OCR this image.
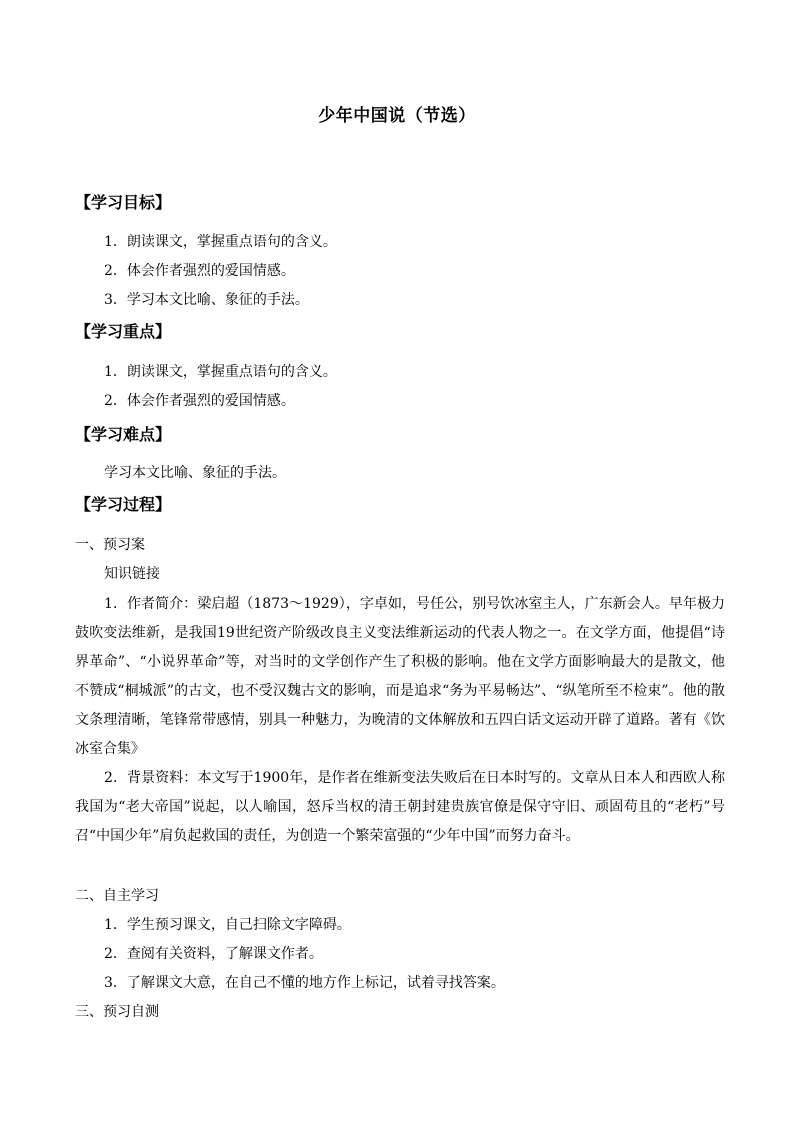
少年中国说（节选）
【学习目标】
1．朗读课文，掌握重点语句的含义。
2．体会作者强烈的爱国情感。
3．学习本文比喻、象征的手法。
【学习重点】
1．朗读课文，掌握重点语句的含义。
2．体会作者强烈的爱国情感。
【学习难点】
学习本文比喻、象征的手法。
【学习过程】
一、预习案
知识链接
1．作者简介：梁启超（1873～1929），字卓如，号任公，别号饮冰室主人，广东新会人。早年极力鼓吹变法维新，是我国19世纪资产阶级改良主义变法维新运动的代表人物之一。在文学方面，他提倡“诗界革命”、“小说界革命”等，对当时的文学创作产生了积极的影响。他在文学方面影响最大的是散文，他不赞成“桐城派”的古文，也不受汉魏古文的影响，而是追求“务为平易畅达”、“纵笔所至不检束”。他的散文条理清晰，笔锋常带感情，别具一种魅力，为晚清的文体解放和五四白话文运动开辟了道路。著有《饮冰室合集》
2．背景资料：本文写于1900年，是作者在维新变法失败后在日本时写的。文章从日本人和西欧人称我国为“老大帝国”说起，以人喻国，怒斥当权的清王朝封建贵族官僚是保守守旧、顽固苟且的“老朽”号召“中国少年”肩负起救国的责任，为创造一个繁荣富强的“少年中国”而努力奋斗。
二、自主学习
1．学生预习课文，自己扫除文字障碍。
2．查阅有关资料，了解课文作者。
3．了解课文大意，在自己不懂的地方作上标记，试着寻找答案。
三、预习自测
